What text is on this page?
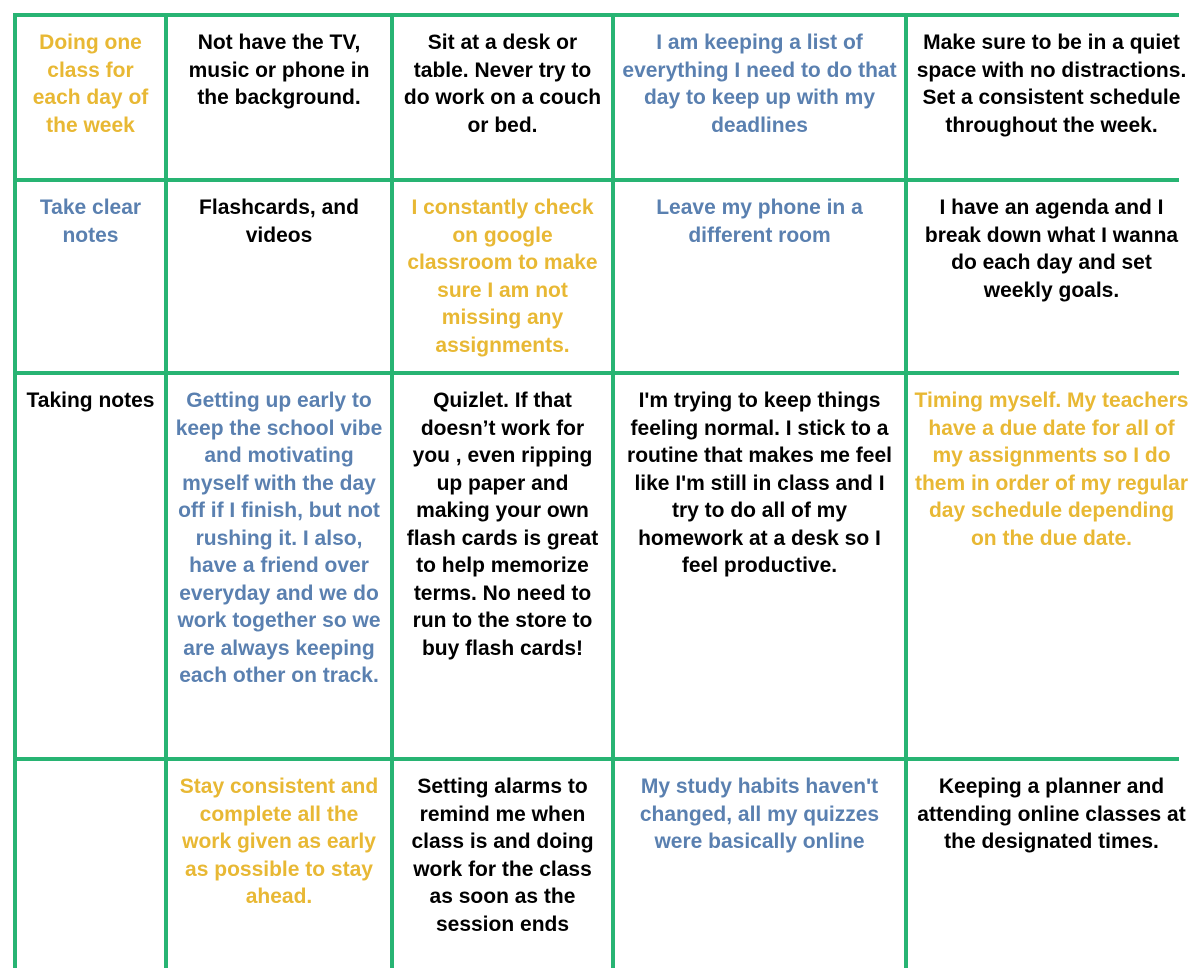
Doing one class for each day of the week
Not have the TV, music or phone in the background.
Sit at a desk or table. Never try to do work on a couch or bed.
I am keeping a list of everything I need to do that day to keep up with my deadlines
Make sure to be in a quiet space with no distractions. Set a consistent schedule throughout the week.
Take clear notes
Flashcards, and videos
I constantly check on google classroom to make sure I am not missing any assignments.
Leave my phone in a different room
I have an agenda and I break down what I wanna do each day and set weekly goals.
Taking notes	Getting up early to keep the school vibe and motivating myself with the day off if I finish, but not rushing it. I also, have a friend over everyday and we do work together so we are always keeping each other on track.
Quizlet. If that doesn’t work for you , even ripping up paper and making your own flash cards is great to help memorize terms. No need to run to the store to buy flash cards!
I'm trying to keep things feeling normal. I stick to a routine that makes me feel like I'm still in class and I try to do all of my homework at a desk so I feel productive.
Timing myself. My teachers have a due date for all of my assignments so I do them in order of my regular day schedule depending on the due date.
Stay consistent and complete all the work given as early as possible to stay ahead.
Setting alarms to remind me when class is and doing work for the class as soon as the session ends
My study habits haven't changed, all my quizzes were basically online
Keeping a planner and attending online classes at the designated times.
